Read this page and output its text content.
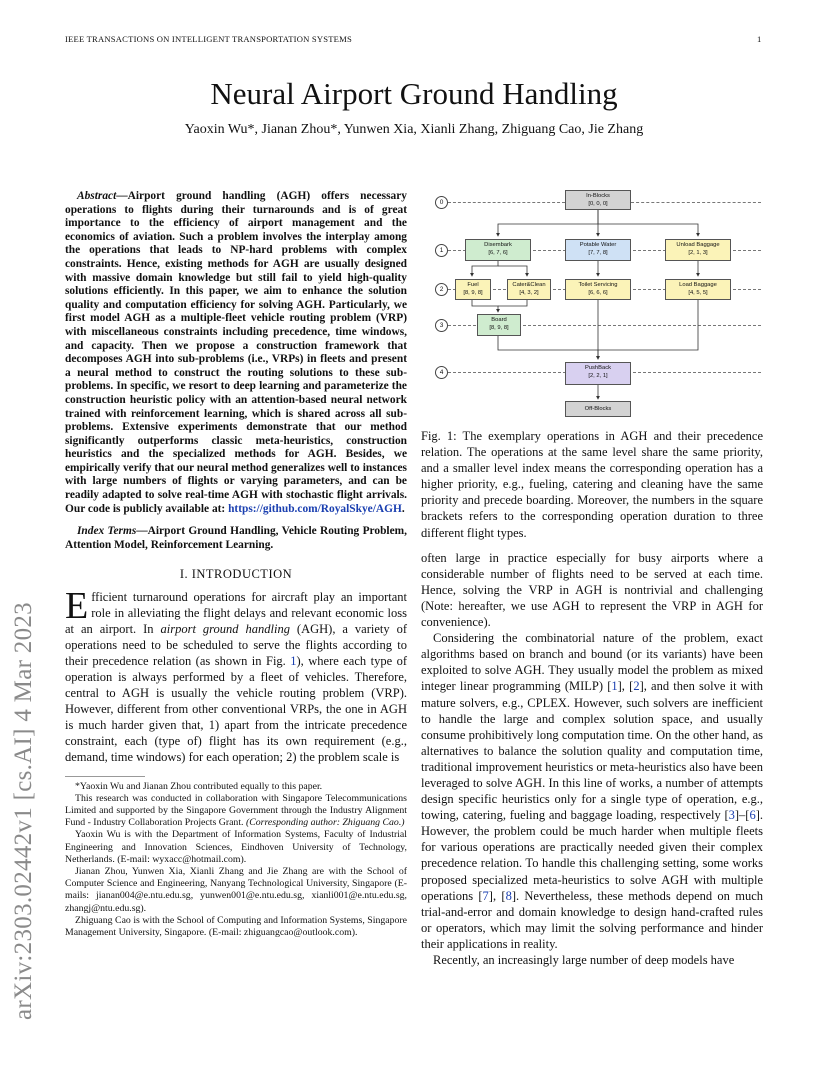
IEEE TRANSACTIONS ON INTELLIGENT TRANSPORTATION SYSTEMS	1
Neural Airport Ground Handling
Yaoxin Wu*, Jianan Zhou*, Yunwen Xia, Xianli Zhang, Zhiguang Cao, Jie Zhang
arXiv:2303.02442v1 [cs.AI] 4 Mar 2023
Abstract—Airport ground handling (AGH) offers necessary operations to flights during their turnarounds and is of great importance to the efficiency of airport management and the economics of aviation. Such a problem involves the interplay among the operations that leads to NP-hard problems with complex constraints. Hence, existing methods for AGH are usually designed with massive domain knowledge but still fail to yield high-quality solutions efficiently. In this paper, we aim to enhance the solution quality and computation efficiency for solving AGH. Particularly, we first model AGH as a multiple-fleet vehicle routing problem (VRP) with miscellaneous constraints including precedence, time windows, and capacity. Then we propose a construction framework that decomposes AGH into sub-problems (i.e., VRPs) in fleets and present a neural method to construct the routing solutions to these sub-problems. In specific, we resort to deep learning and parameterize the construction heuristic policy with an attention-based neural network trained with reinforcement learning, which is shared across all sub-problems. Extensive experiments demonstrate that our method significantly outperforms classic meta-heuristics, construction heuristics and the specialized methods for AGH. Besides, we empirically verify that our neural method generalizes well to instances with large numbers of flights or varying parameters, and can be readily adapted to solve real-time AGH with stochastic flight arrivals. Our code is publicly available at: https://github.com/RoyalSkye/AGH.
Index Terms—Airport Ground Handling, Vehicle Routing Problem, Attention Model, Reinforcement Learning.
I. INTRODUCTION

Efficient turnaround operations for aircraft play an important role in alleviating the flight delays and relevant economic loss at an airport. In airport ground handling (AGH), a variety of operations need to be scheduled to serve the flights according to their precedence relation (as shown in Fig. 1), where each type of operation is always performed by a fleet of vehicles. Therefore, central to AGH is usually the vehicle routing problem (VRP). However, different from other conventional VRPs, the one in AGH is much harder given that, 1) apart from the intricate precedence constraint, each (type of) flight has its own requirement (e.g., demand, time windows) for each operation; 2) the problem scale is

*Yaoxin Wu and Jianan Zhou contributed equally to this paper.

This research was conducted in collaboration with Singapore Telecommunications Limited and supported by the Singapore Government through the Industry Alignment Fund - Industry Collaboration Projects Grant. (Corresponding author: Zhiguang Cao.)

Yaoxin Wu is with the Department of Information Systems, Faculty of Industrial Engineering and Innovation Sciences, Eindhoven University of Technology, Netherlands. (E-mail: wyxacc@hotmail.com).

Jianan Zhou, Yunwen Xia, Xianli Zhang and Jie Zhang are with the School of Computer Science and Engineering, Nanyang Technological University, Singapore (E-mails: jianan004@e.ntu.edu.sg, yunwen001@e.ntu.edu.sg, xianli001@e.ntu.edu.sg, zhangj@ntu.edu.sg).

Zhiguang Cao is with the School of Computing and Information Systems, Singapore Management University, Singapore. (E-mail: zhiguangcao@outlook.com).

0
1
2
3
4
In-Blocks
[0, 0, 0]
Disembark
[6, 7, 6]
Potable Water
[7, 7, 8]
Unload Baggage
[2, 1, 3]
Fuel
[8, 9, 8]
Cater&Clean
[4, 3, 2]
Toilet Servicing
[6, 6, 6]
Load Baggage
[4, 5, 5]
Board
[8, 9, 8]
PushBack
[2, 2, 1]
Off-Blocks

Fig. 1: The exemplary operations in AGH and their precedence relation. The operations at the same level share the same priority, and a smaller level index means the corresponding operation has a higher priority, e.g., fueling, catering and cleaning have the same priority and precede boarding. Moreover, the numbers in the square brackets refers to the corresponding operation duration to three different flight types.

often large in practice especially for busy airports where a considerable number of flights need to be served at each time. Hence, solving the VRP in AGH is nontrivial and challenging (Note: hereafter, we use AGH to represent the VRP in AGH for convenience).

Considering the combinatorial nature of the problem, exact algorithms based on branch and bound (or its variants) have been exploited to solve AGH. They usually model the problem as mixed integer linear programming (MILP) [1], [2], and then solve it with mature solvers, e.g., CPLEX. However, such solvers are inefficient to handle the large and complex solution space, and usually consume prohibitively long computation time. On the other hand, as alternatives to balance the solution quality and computation time, traditional improvement heuristics or meta-heuristics also have been leveraged to solve AGH. In this line of works, a number of attempts design specific heuristics only for a single type of operation, e.g., towing, catering, fueling and baggage loading, respectively [3]–[6]. However, the problem could be much harder when multiple fleets for various operations are practically needed given their complex precedence relation. To handle this challenging setting, some works proposed specialized meta-heuristics to solve AGH with multiple operations [7], [8]. Nevertheless, these methods depend on much trial-and-error and domain knowledge to design hand-crafted rules or operators, which may limit the solving performance and hinder their applications in reality.

Recently, an increasingly large number of deep models have
